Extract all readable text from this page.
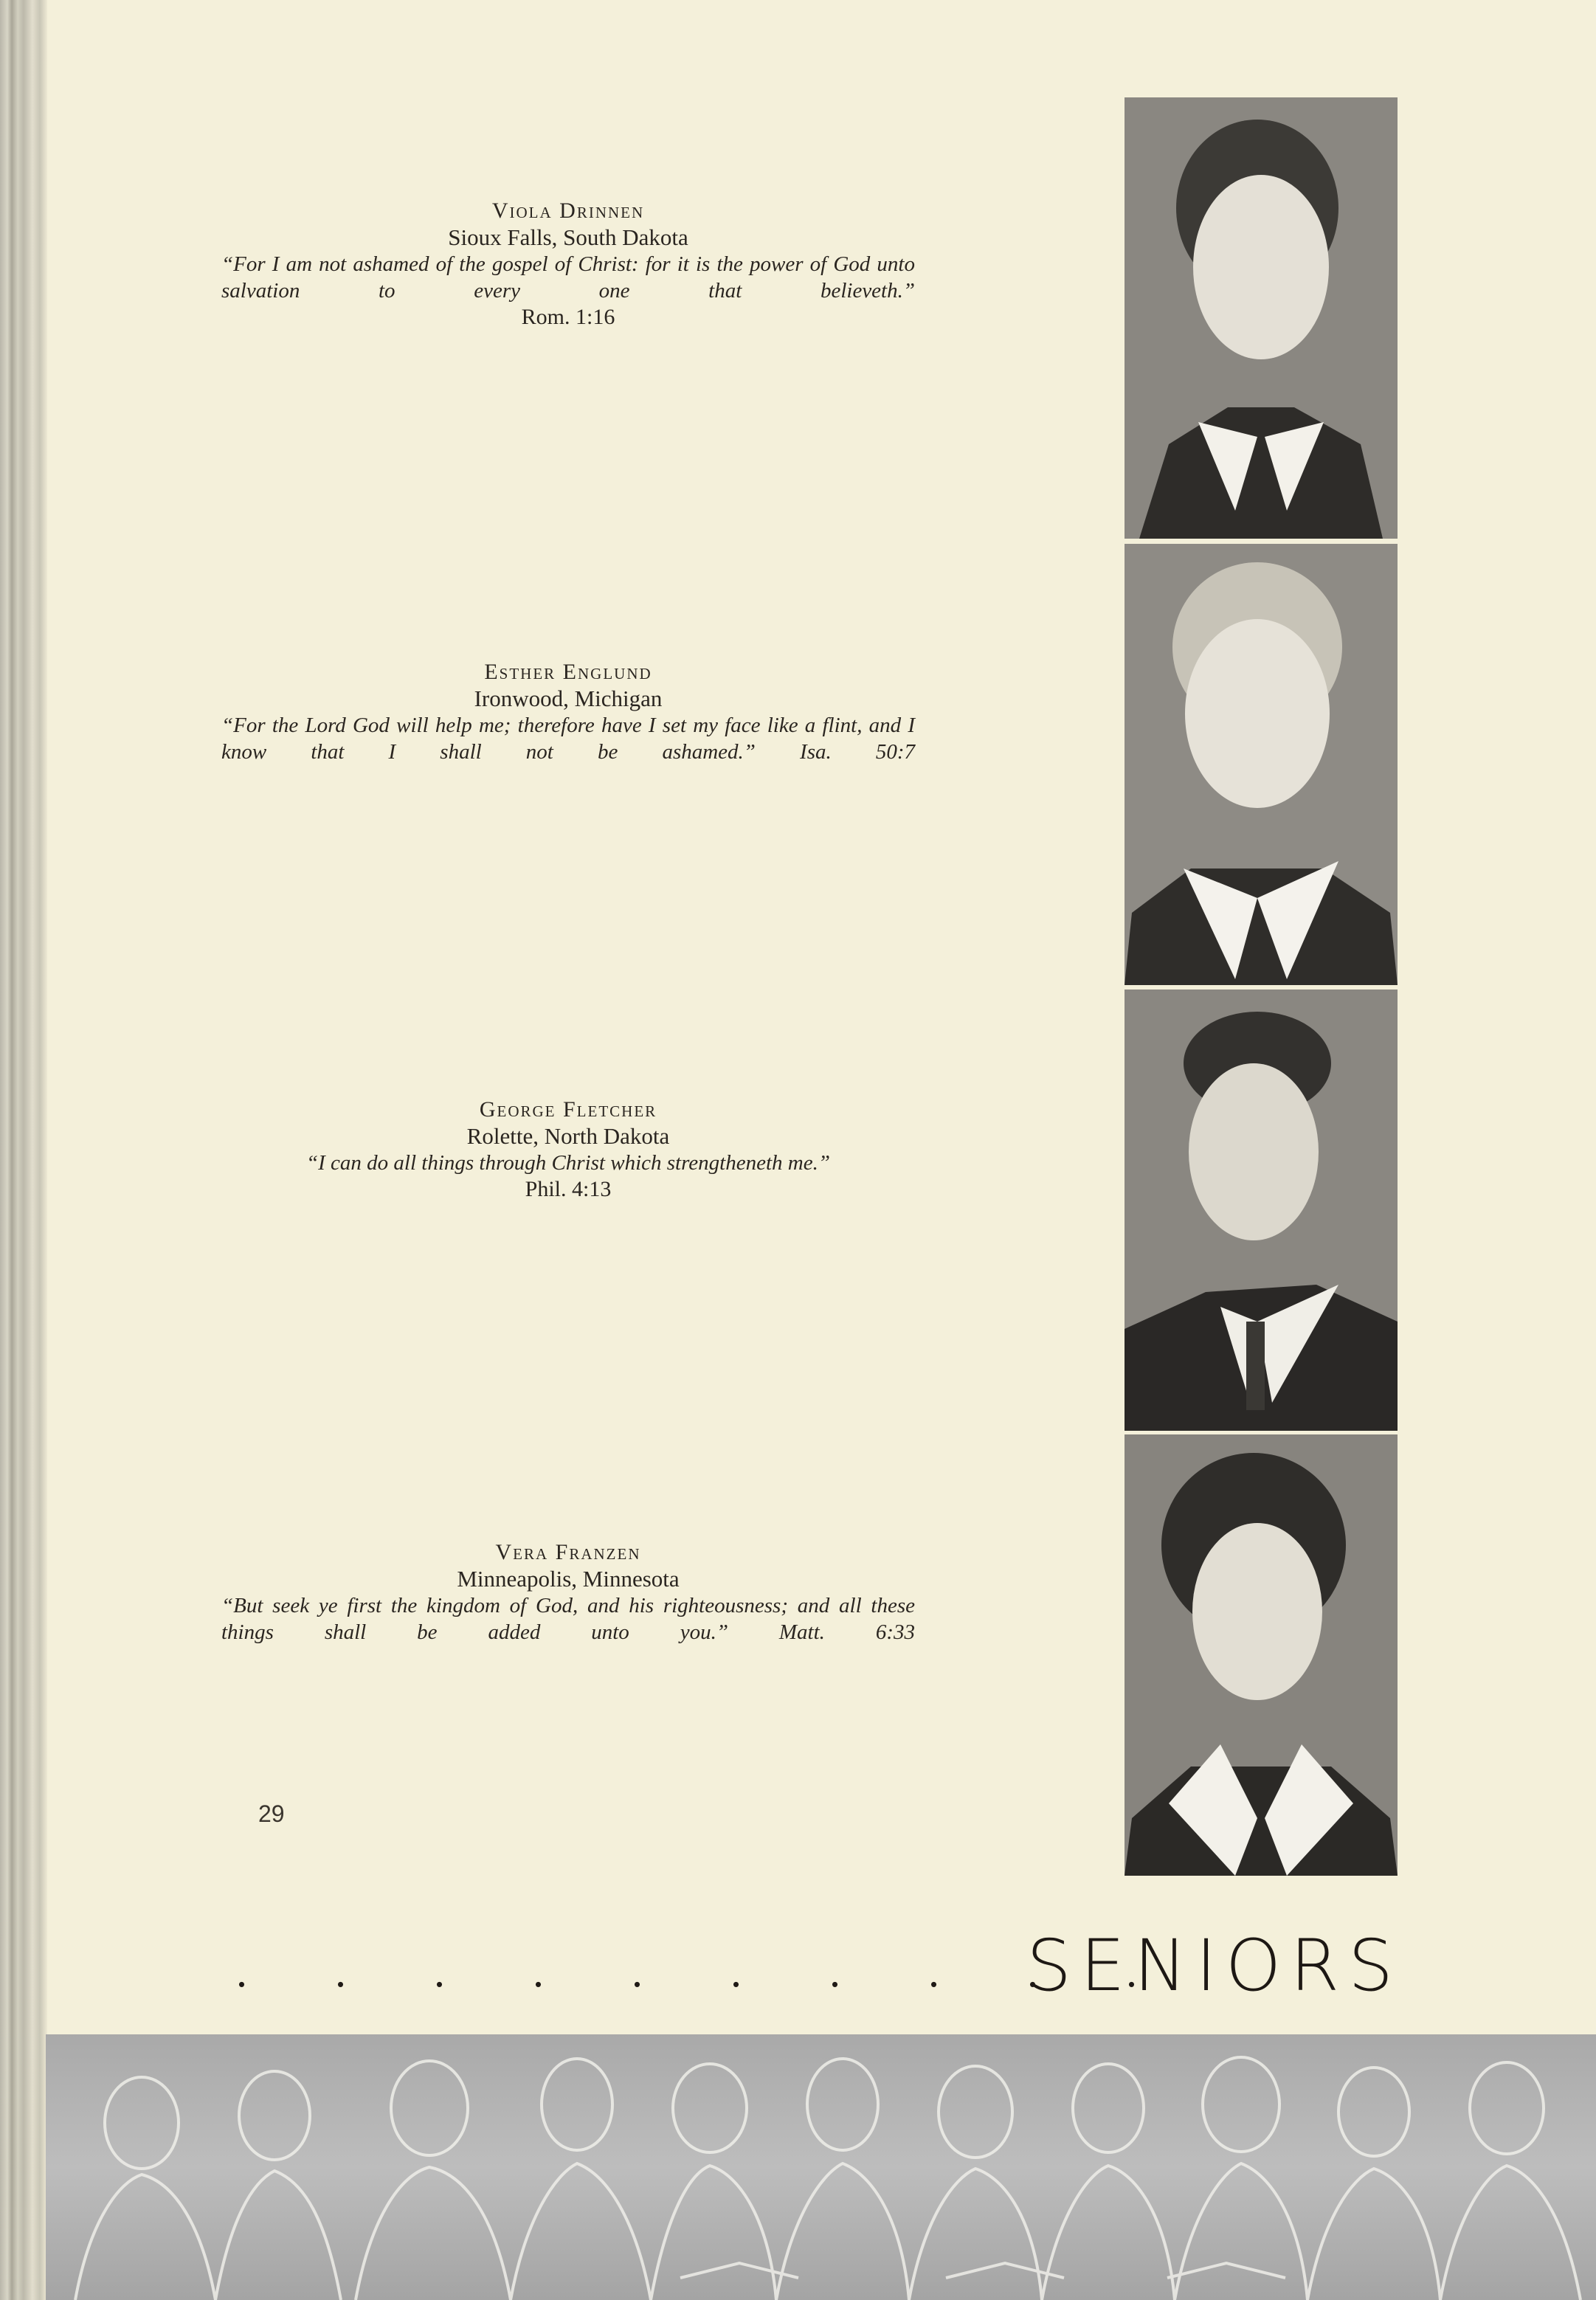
Viola Drinnen
Sioux Falls, South Dakota
“For I am not ashamed of the gospel of Christ: for it is the power of God unto salvation to every one that believeth.”
Rom. 1:16
Esther Englund
Ironwood, Michigan
“For the Lord God will help me; therefore have I set my face like a flint, and I know that I shall not be ashamed.” Isa. 50:7
George Fletcher
Rolette, North Dakota
“I can do all things through Christ which strengtheneth me.”
Phil. 4:13
Vera Franzen
Minneapolis, Minnesota
“But seek ye first the kingdom of God, and his righteousness; and all these things shall be added unto you.” Matt. 6:33
29
. . . . . . . . . .
SENIORS
